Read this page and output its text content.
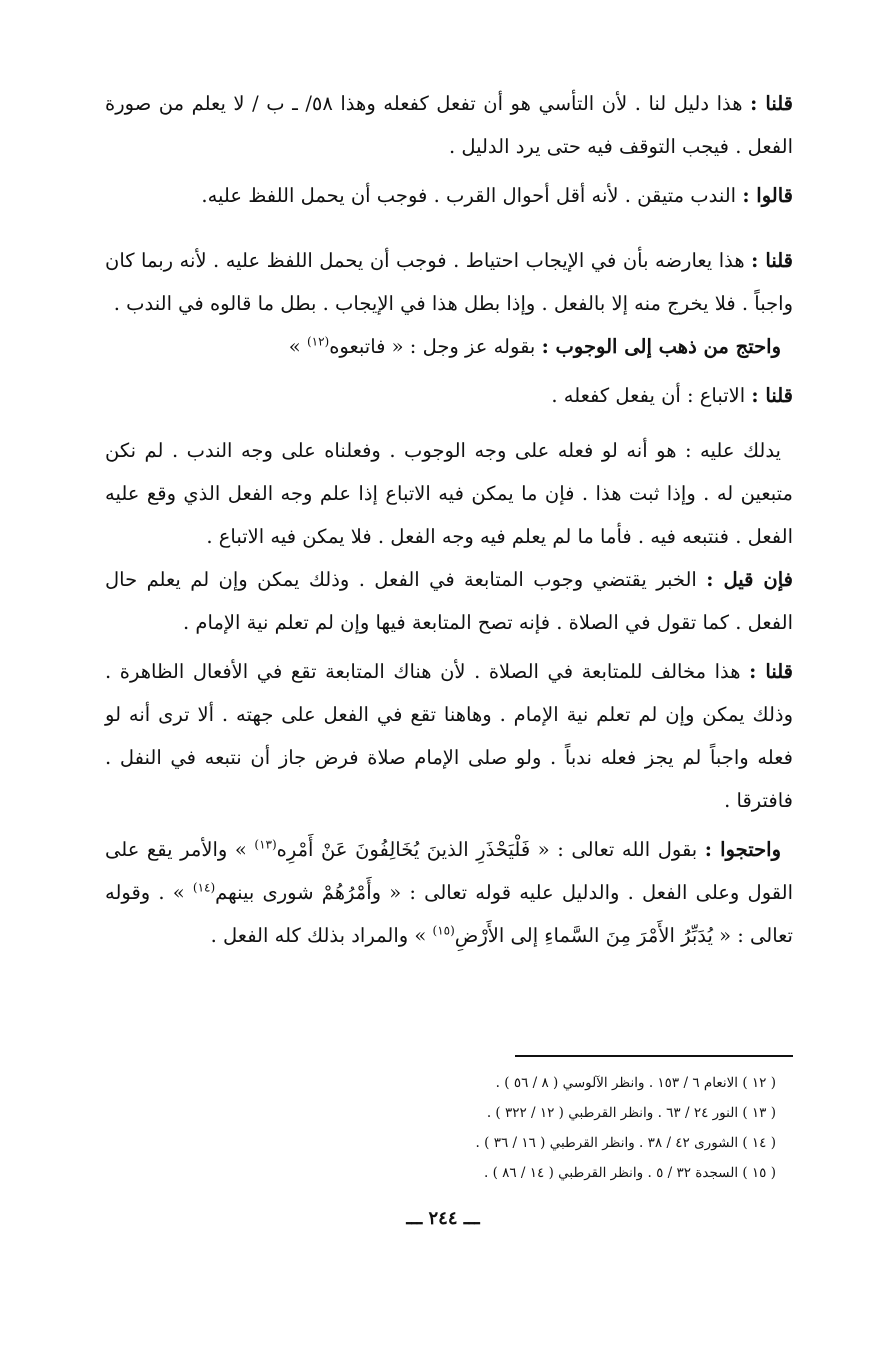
قلنا : هذا دليل لنا . لأن التأسي هو أن تفعل كفعله وهذا ٥٨/ ـ ب / لا يعلم من صورة الفعل . فيجب التوقف فيه حتى يرد الدليل .

قالوا : الندب متيقن . لأنه أقل أحوال القرب . فوجب أن يحمل اللفظ عليه.

قلنا : هذا يعارضه بأن في الإيجاب احتياط . فوجب أن يحمل اللفظ عليه . لأنه ربما كان واجباً . فلا يخرج منه إلا بالفعل . وإذا بطل هذا في الإيجاب . بطل ما قالوه في الندب .

واحتج من ذهب إلى الوجوب : بقوله عز وجل : « فاتبعوه$^{(١٢)}$ »

قلنا : الاتباع : أن يفعل كفعله .

يدلك عليه : هو أنه لو فعله على وجه الوجوب . وفعلناه على وجه الندب . لم نكن متبعين له . وإذا ثبت هذا . فإن ما يمكن فيه الاتباع إذا علم وجه الفعل الذي وقع عليه الفعل . فنتبعه فيه . فأما ما لم يعلم فيه وجه الفعل . فلا يمكن فيه الاتباع .

فإن قيل : الخبر يقتضي وجوب المتابعة في الفعل . وذلك يمكن وإن لم يعلم حال الفعل . كما تقول في الصلاة . فإنه تصح المتابعة فيها وإن لم تعلم نية الإمام .

قلنا : هذا مخالف للمتابعة في الصلاة . لأن هناك المتابعة تقع في الأفعال الظاهرة . وذلك يمكن وإن لم تعلم نية الإمام . وهاهنا تقع في الفعل على جهته . ألا ترى أنه لو فعله واجباً لم يجز فعله ندباً . ولو صلى الإمام صلاة فرض جاز أن نتبعه في النفل . فافترقا .

واحتجوا : بقول الله تعالى : « فَلْيَحْذَرِ الذينَ يُخَالِفُونَ عَنْ أَمْرِه$^{(١٣)}$ » والأمر يقع على القول وعلى الفعل . والدليل عليه قوله تعالى : « وأَمْرُهُمْ شورى بينهم$^{(١٤)}$ » . وقوله تعالى : « يُدَبِّرُ الأَمْرَ مِنَ السَّماءِ إلى الأَرْضِ$^{(١٥)}$ » والمراد بذلك كله الفعل .

( ١٢ ) الانعام ٦ / ١٥٣ . وانظر الآلوسي ( ٨ / ٥٦ ) .

( ١٣ ) النور ٢٤ / ٦٣ . وانظر القرطبي ( ١٢ / ٣٢٢ ) .

( ١٤ ) الشورى ٤٢ / ٣٨ . وانظر القرطبي ( ١٦ / ٣٦ ) .

( ١٥ ) السجدة ٣٢ / ٥ . وانظر القرطبي ( ١٤ / ٨٦ ) .

ـــ ٢٤٤ ـــ
